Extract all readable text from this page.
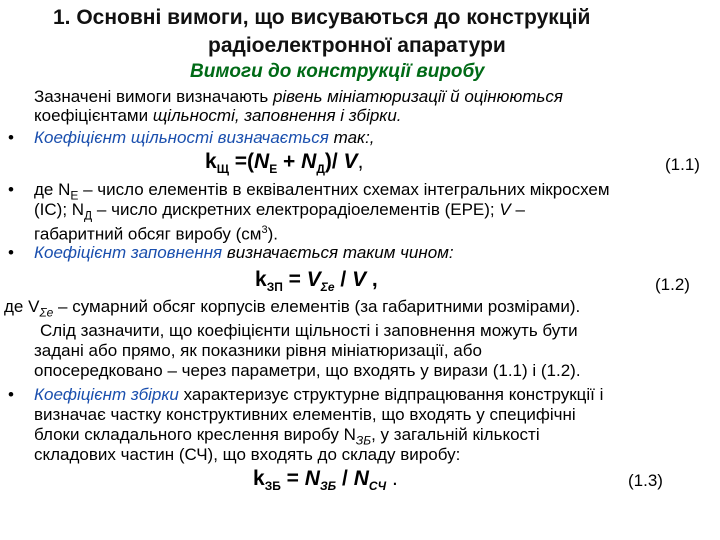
1. Основні вимоги, що висуваються до конструкцій
радіоелектронної апаратури
Вимоги до конструкції виробу
Зазначені вимоги визначають рівень мініатюризації й оцінюються
коефіцієнтами щільності, заповнення і збірки.
• Коефіцієнт щільності визначається так:,
$k_Щ =(N_E + N_Д)/$ V,	(1.1)
• де $N_E$ – число елементів в еквівалентних схемах інтегральних мікросхем
(IС); $N_Д$ – число дискретних електрорадіоелементів (ЕРЕ); V –
габаритний обсяг виробу $(см^3)$.
• Коефіцієнт заповнення визначається таким чином:
$k_{ЗП} = V_{\Sigma e} / V$ ,	(1.2)
де $V_{\Sigma e}$ – сумарний обсяг корпусів елементів (за габаритними розмірами).
Слід зазначити, що коефіцієнти щільності і заповнення можуть бути
задані або прямо, як показники рівня мініатюризації, або
опосередковано – через параметри, що входять у вирази (1.1) і (1.2).
• Коефіцієнт збірки характеризує структурне відпрацювання конструкції і
визначає частку конструктивних елементів, що входять у специфічні
блоки складального креслення виробу $N_{ЗБ}$, у загальній кількості
складових частин (СЧ), що входять до складу виробу:
$k_{ЗБ} = N_{ЗБ} / N_{СЧ}$ .	(1.3)
